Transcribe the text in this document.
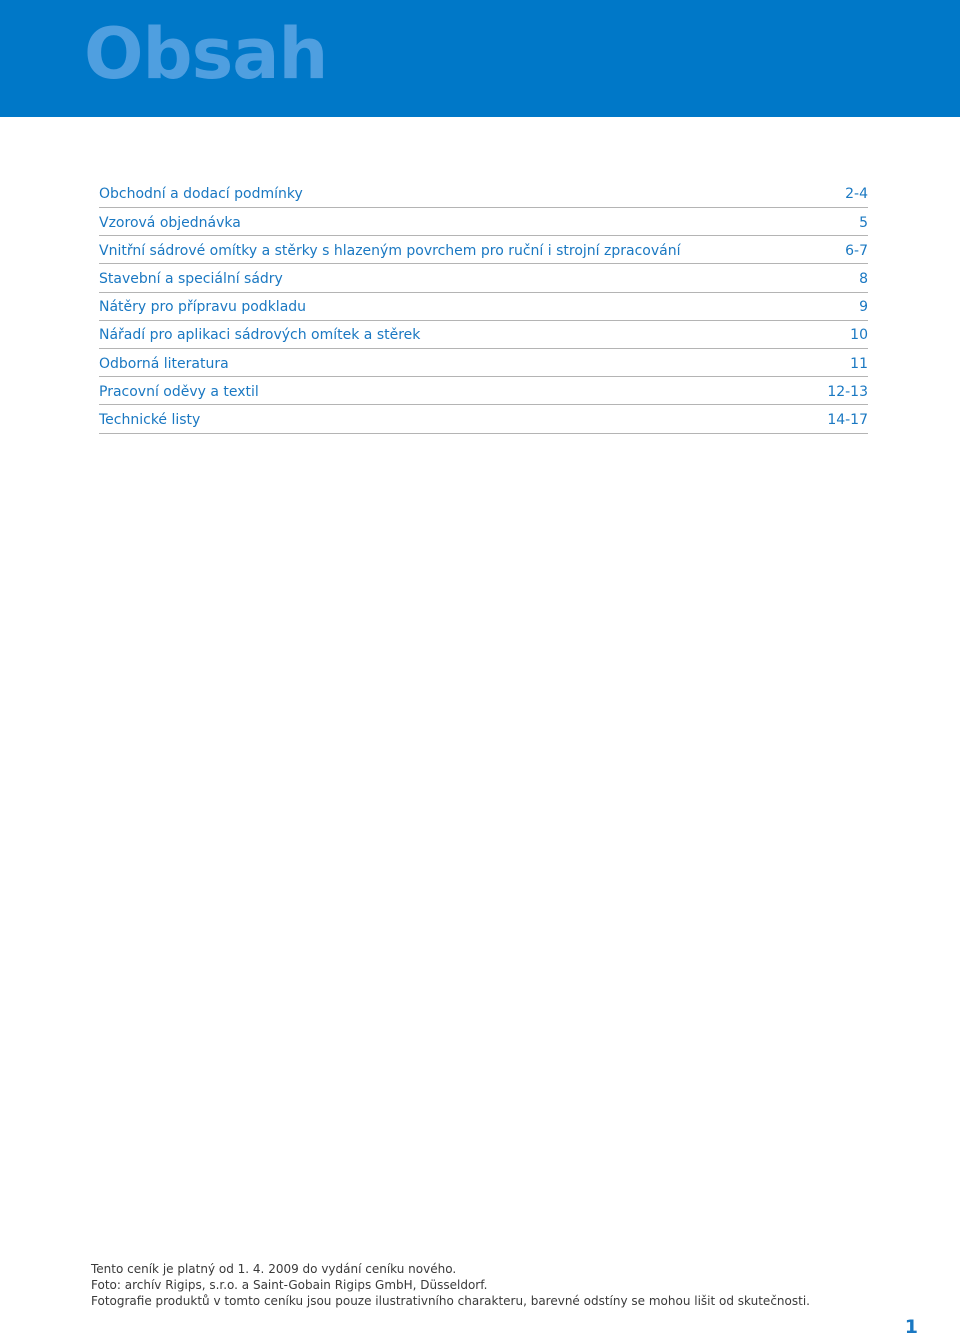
Obsah
Obchodní a dodací podmínky	2-4
Vzorová objednávka	5
Vnitřní sádrové omítky a stěrky s hlazeným povrchem pro ruční i strojní zpracování	6-7
Stavební a speciální sádry	8
Nátěry pro přípravu podkladu	9
Nářadí pro aplikaci sádrových omítek a stěrek	10
Odborná literatura	11
Pracovní oděvy a textil	12-13
Technické listy	14-17
Tento ceník je platný od 1. 4. 2009 do vydání ceníku nového.
Foto: archív Rigips, s.r.o. a Saint-Gobain Rigips GmbH, Düsseldorf.
Fotografie produktů v tomto ceníku jsou pouze ilustrativního charakteru, barevné odstíny se mohou lišit od skutečnosti.
1
